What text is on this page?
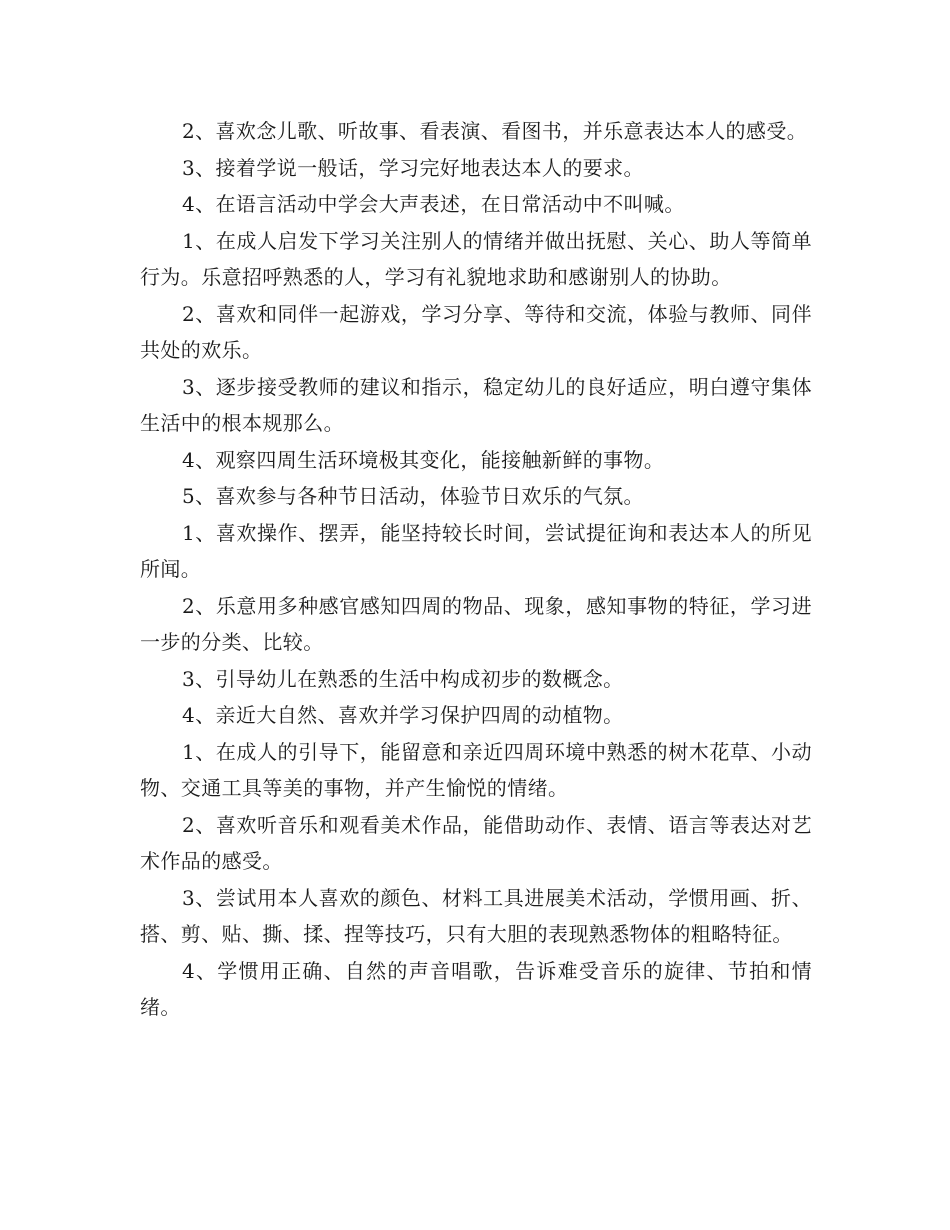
2、喜欢念儿歌、听故事、看表演、看图书，并乐意表达本人的感受。

3、接着学说一般话，学习完好地表达本人的要求。

4、在语言活动中学会大声表述，在日常活动中不叫喊。

1、在成人启发下学习关注别人的情绪并做出抚慰、关心、助人等简单行为。乐意招呼熟悉的人，学习有礼貌地求助和感谢别人的协助。

2、喜欢和同伴一起游戏，学习分享、等待和交流，体验与教师、同伴共处的欢乐。

3、逐步接受教师的建议和指示，稳定幼儿的良好适应，明白遵守集体生活中的根本规那么。

4、观察四周生活环境极其变化，能接触新鲜的事物。

5、喜欢参与各种节日活动，体验节日欢乐的气氛。

1、喜欢操作、摆弄，能坚持较长时间，尝试提征询和表达本人的所见所闻。

2、乐意用多种感官感知四周的物品、现象，感知事物的特征，学习进一步的分类、比较。

3、引导幼儿在熟悉的生活中构成初步的数概念。

4、亲近大自然、喜欢并学习保护四周的动植物。

1、在成人的引导下，能留意和亲近四周环境中熟悉的树木花草、小动物、交通工具等美的事物，并产生愉悦的情绪。

2、喜欢听音乐和观看美术作品，能借助动作、表情、语言等表达对艺术作品的感受。

3、尝试用本人喜欢的颜色、材料工具进展美术活动，学惯用画、折、搭、剪、贴、撕、揉、捏等技巧，只有大胆的表现熟悉物体的粗略特征。

4、学惯用正确、自然的声音唱歌，告诉难受音乐的旋律、节拍和情绪。
